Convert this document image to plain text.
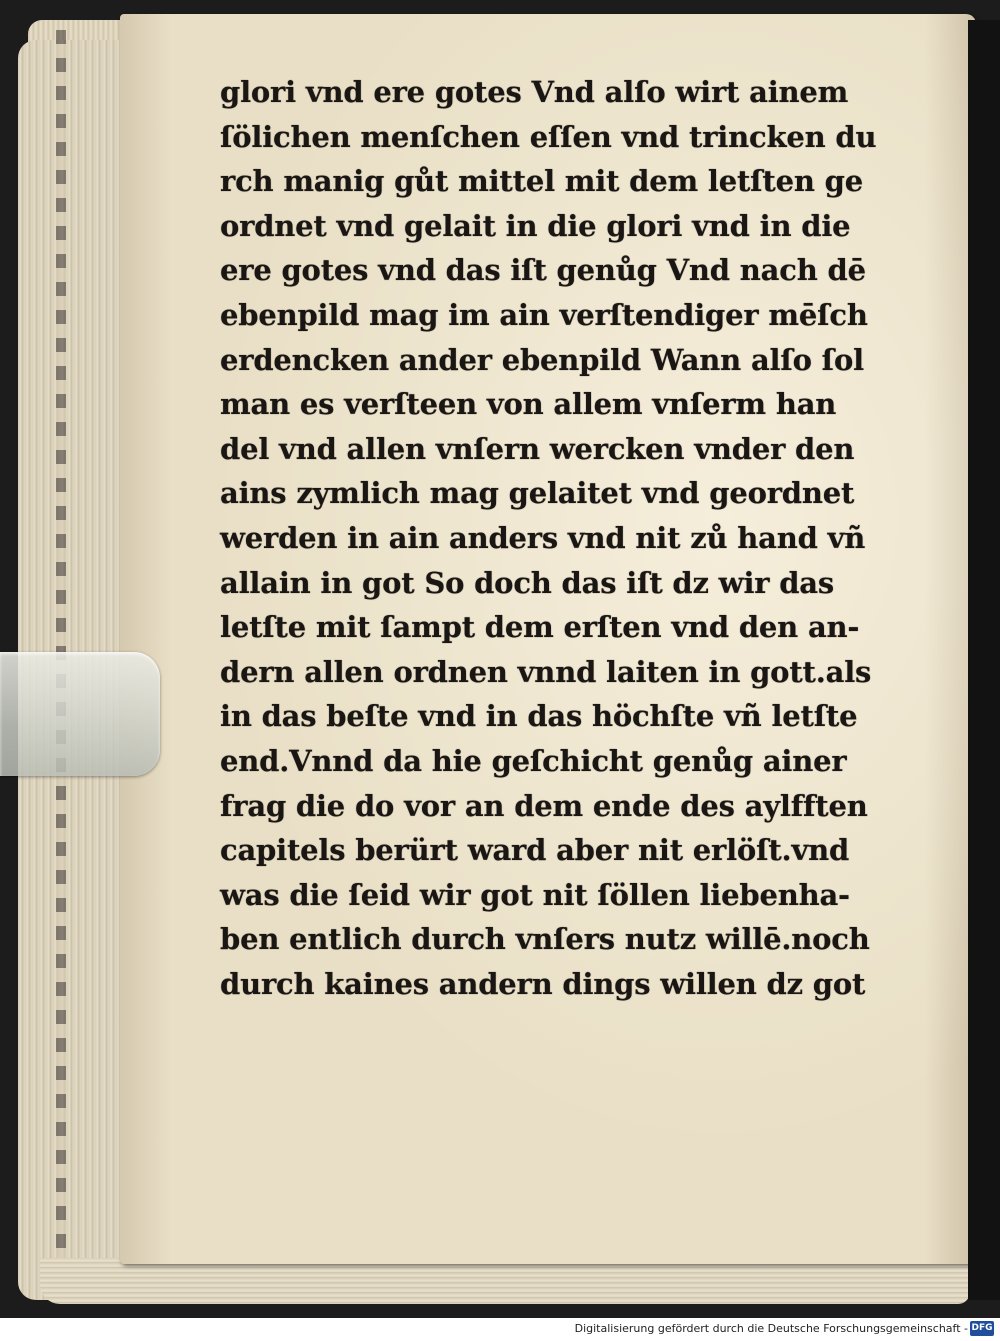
glori vnd ere gotes Vnd alſo wirt ainem
ſölichen menſchen eſſen vnd trincken du
rch manig gůt mittel mit dem letſten ge
ordnet vnd gelait in die glori vnd in die
ere gotes vnd das iſt genůg Vnd nach dē
ebenpild mag im ain verſtendiger mēſch
erdencken ander ebenpild Wann alſo ſol
man es verſteen von allem vnſerm han
del vnd allen vnſern wercken vnder den
ains zymlich mag gelaitet vnd geordnet
werden in ain anders vnd nit zů hand vñ
allain in got So doch das iſt dz wir das
letſte mit ſampt dem erſten vnd den an-
dern allen ordnen vnnd laiten in gott.als
in das beſte vnd in das höchſte vñ letſte
end.Vnnd da hie geſchicht genůg ainer
frag die do vor an dem ende des aylfften
capitels berürt ward aber nit erlöſt.vnd
was die ſeid wir got nit ſöllen liebenha-
ben entlich durch vnſers nutz willē.noch
durch kaines andern dings willen dz got
Digitalisierung gefördert durch die Deutsche Forschungsgemeinschaft - DFG
